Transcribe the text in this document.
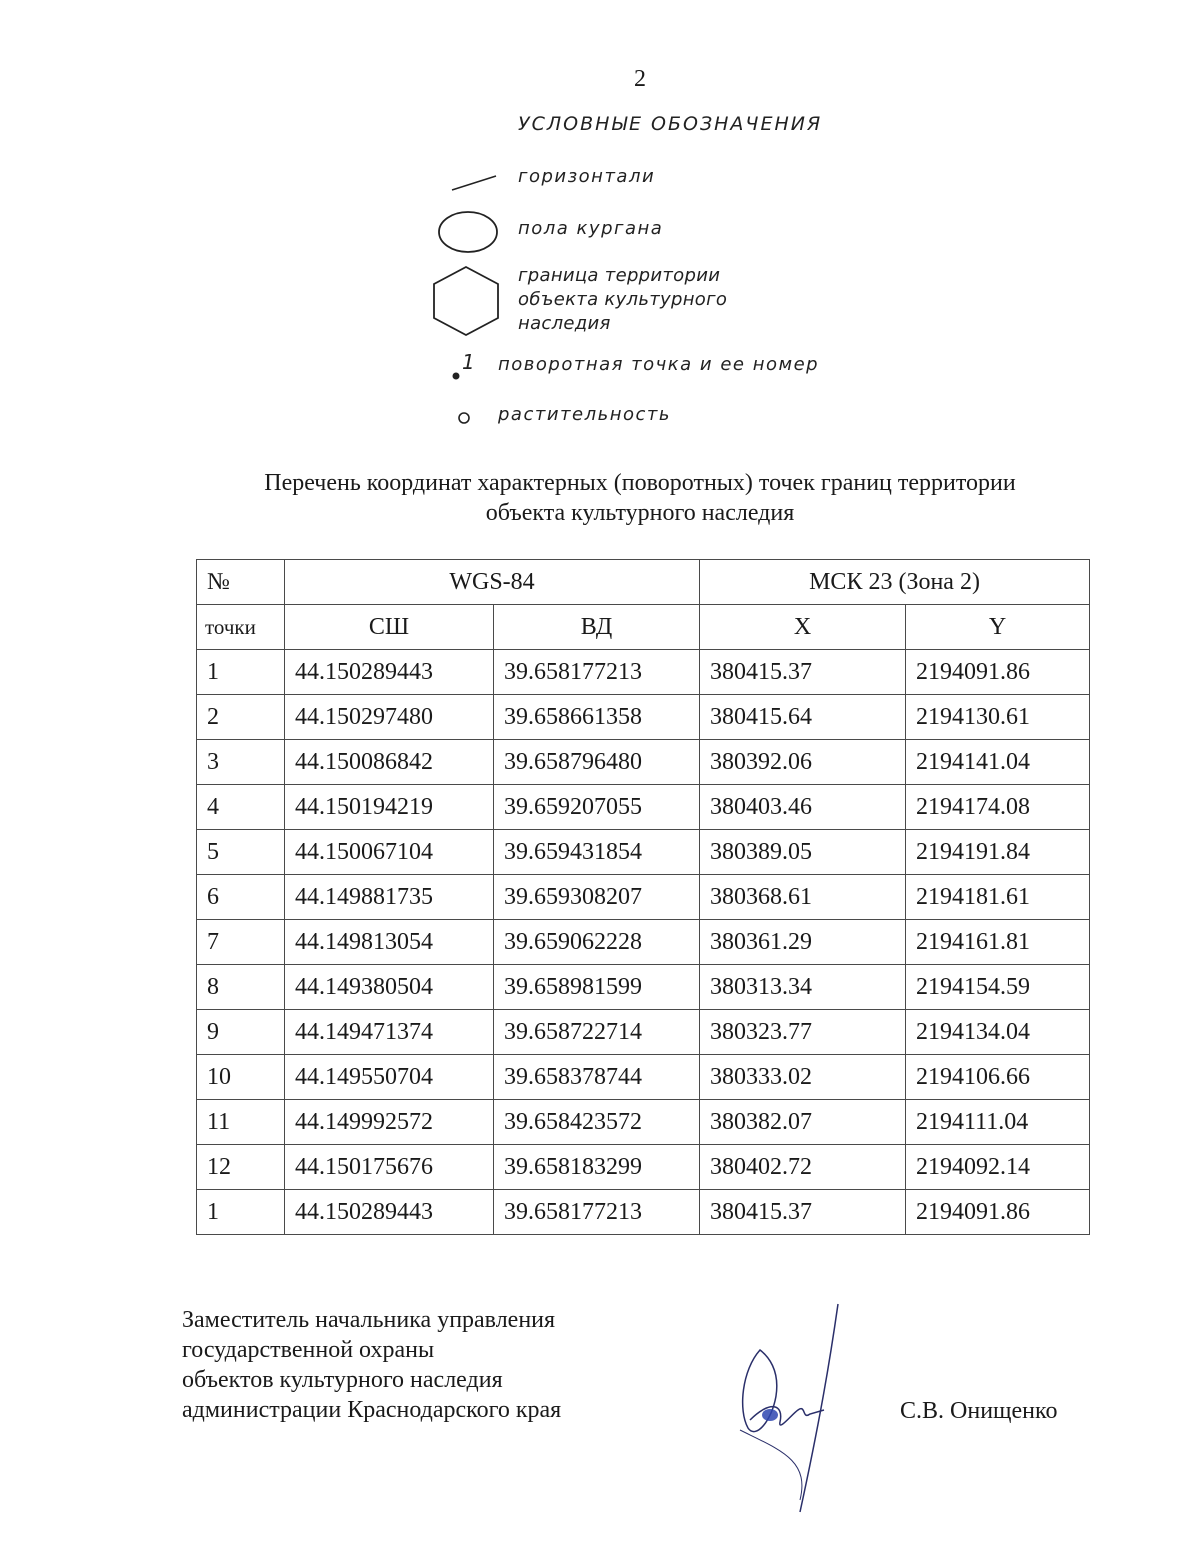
2
УСЛОВНЫЕ ОБОЗНАЧЕНИЯ
горизонтали
пола кургана
граница территории
объекта культурного
наследия
1 поворотная точка и ее номер
растительность
Перечень координат характерных (поворотных) точек границ территории
объекта культурного наследия
№	WGS-84		МСК 23 (Зона 2)	
точки	СШ	ВД	X	Y
1	44.150289443	39.658177213	380415.37	2194091.86
2	44.150297480	39.658661358	380415.64	2194130.61
3	44.150086842	39.658796480	380392.06	2194141.04
4	44.150194219	39.659207055	380403.46	2194174.08
5	44.150067104	39.659431854	380389.05	2194191.84
6	44.149881735	39.659308207	380368.61	2194181.61
7	44.149813054	39.659062228	380361.29	2194161.81
8	44.149380504	39.658981599	380313.34	2194154.59
9	44.149471374	39.658722714	380323.77	2194134.04
10	44.149550704	39.658378744	380333.02	2194106.66
11	44.149992572	39.658423572	380382.07	2194111.04
12	44.150175676	39.658183299	380402.72	2194092.14
1	44.150289443	39.658177213	380415.37	2194091.86
Заместитель начальника управления
государственной охраны
объектов культурного наследия
администрации Краснодарского края	С.В. Онищенко
